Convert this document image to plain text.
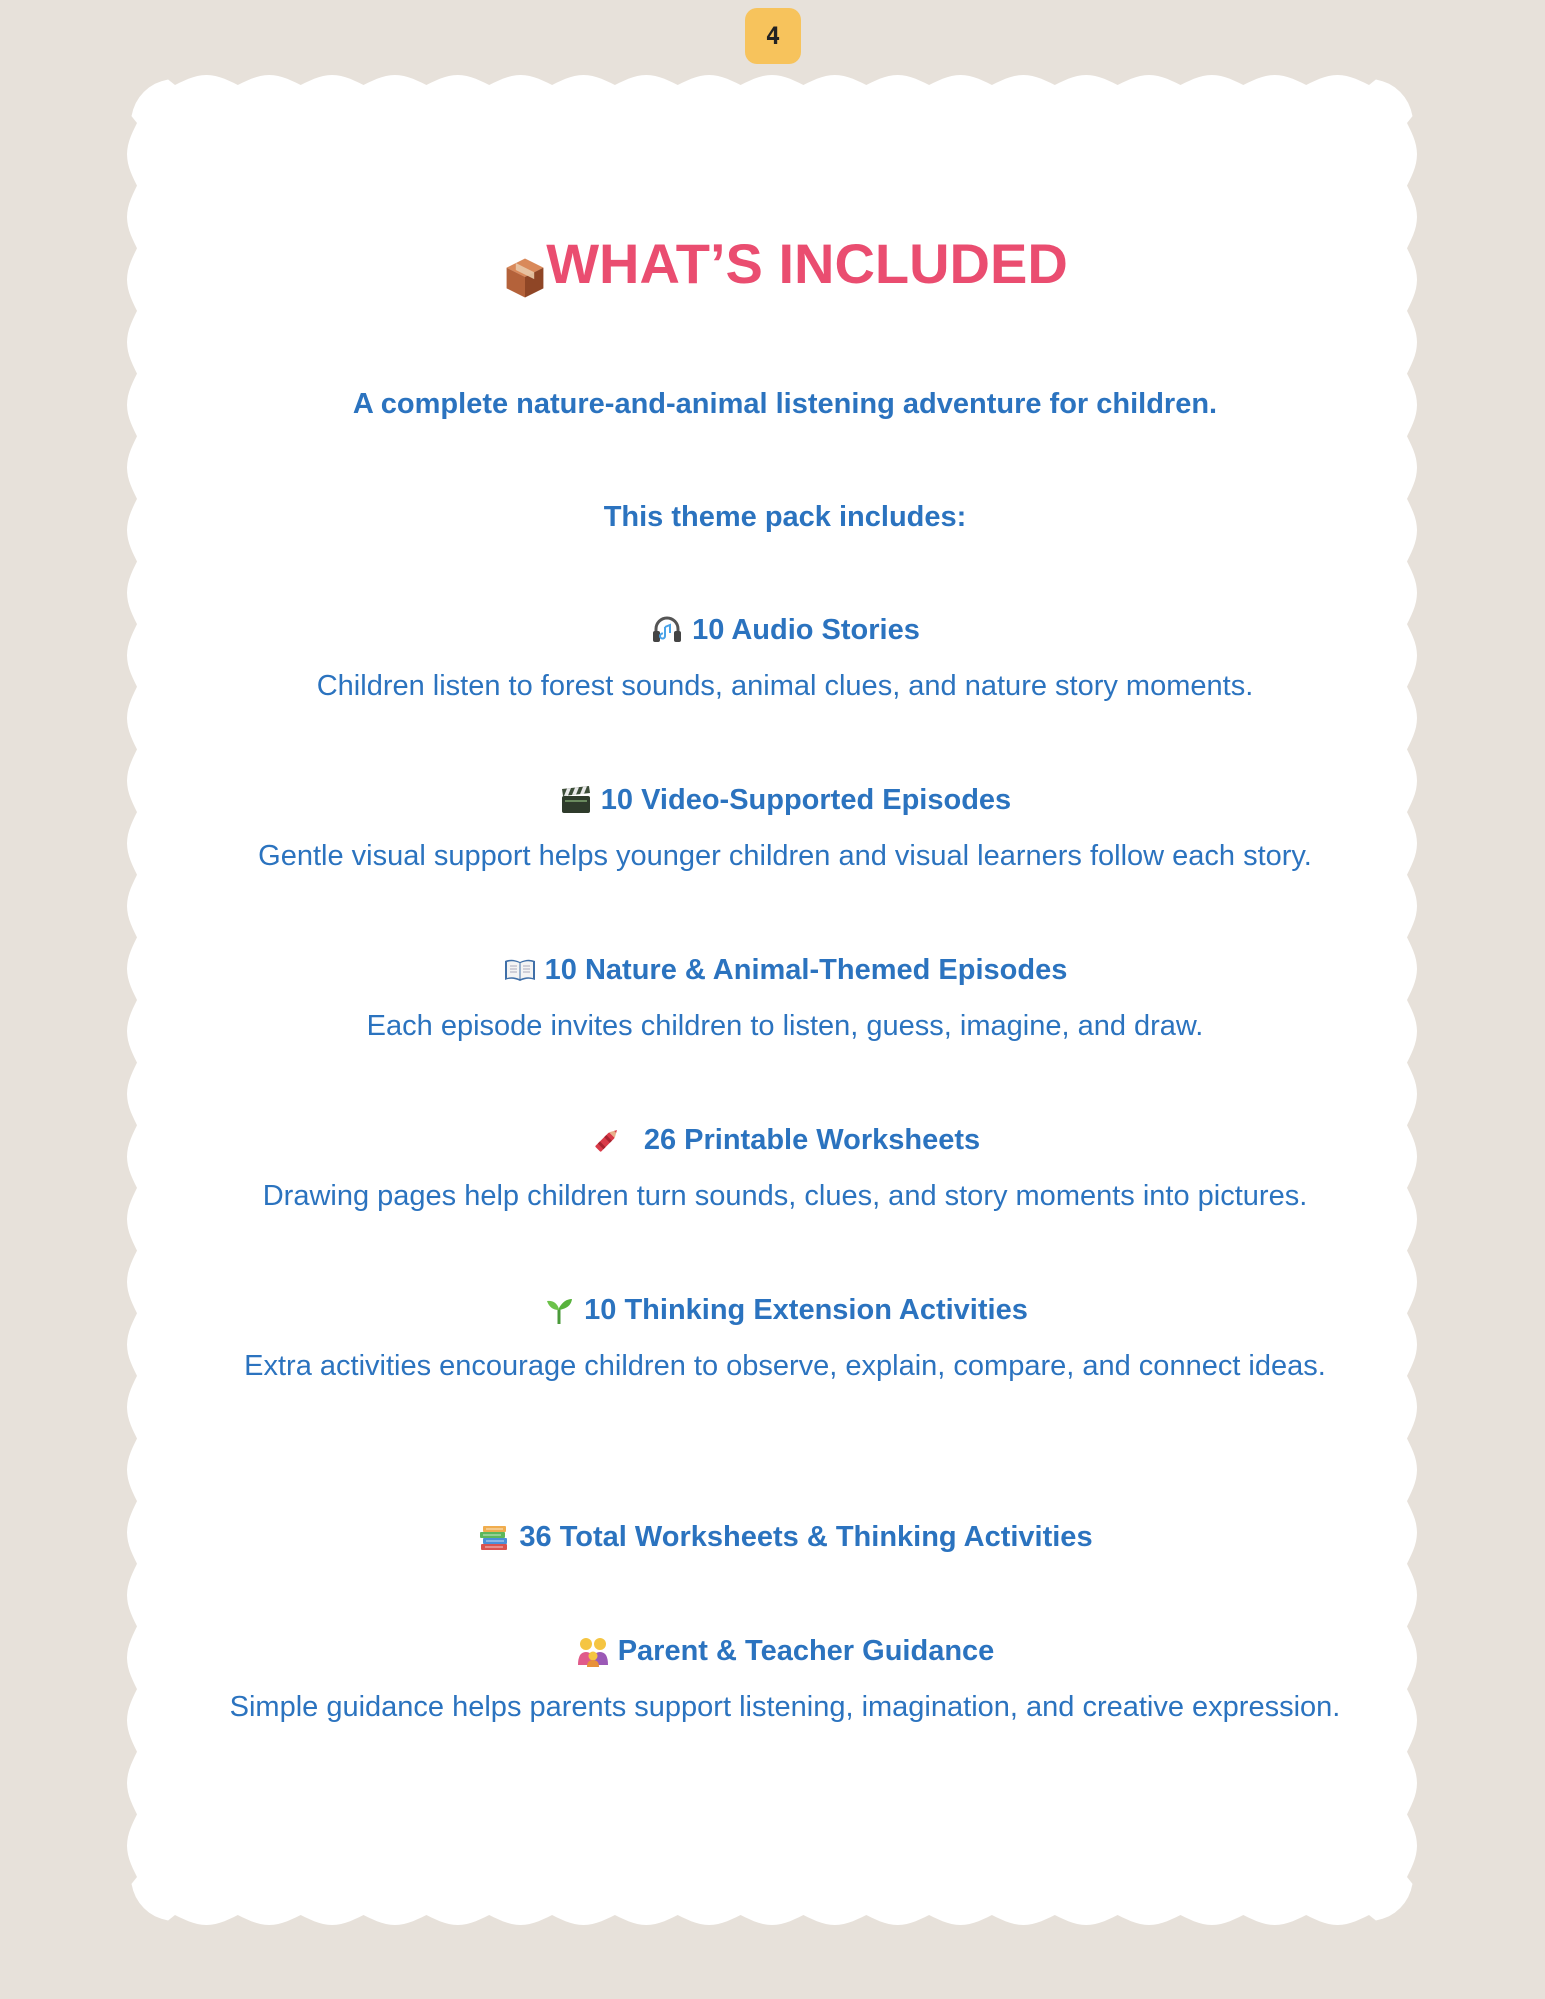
4
WHAT’S INCLUDED

A complete nature-and-animal listening adventure for children.

This theme pack includes:

10 Audio Stories
Children listen to forest sounds, animal clues, and nature story moments.
10 Video-Supported Episodes
Gentle visual support helps younger children and visual learners follow each story.
10 Nature & Animal-Themed Episodes
Each episode invites children to listen, guess, imagine, and draw.
26 Printable Worksheets
Drawing pages help children turn sounds, clues, and story moments into pictures.
10 Thinking Extension Activities
Extra activities encourage children to observe, explain, compare, and connect ideas.
36 Total Worksheets & Thinking Activities
Parent & Teacher Guidance
Simple guidance helps parents support listening, imagination, and creative expression.
